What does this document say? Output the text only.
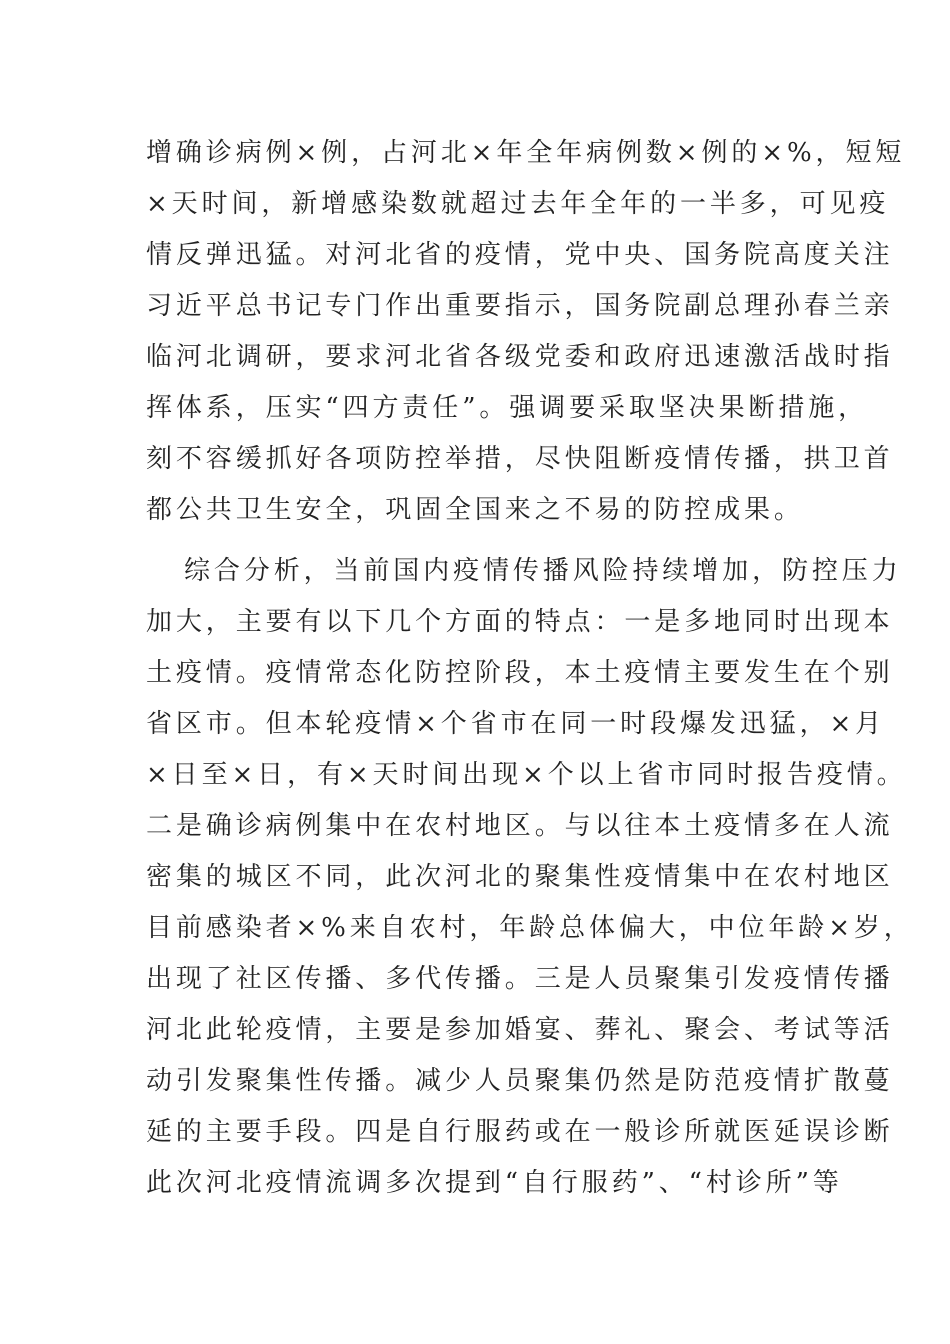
增确诊病例×例，占河北×年全年病例数×例的×%，短短
×天时间，新增感染数就超过去年全年的一半多，可见疫
情反弹迅猛。对河北省的疫情，党中央、国务院高度关注
习近平总书记专门作出重要指示，国务院副总理孙春兰亲
临河北调研，要求河北省各级党委和政府迅速激活战时指
挥体系，压实“四方责任”。强调要采取坚决果断措施，
刻不容缓抓好各项防控举措，尽快阻断疫情传播，拱卫首
都公共卫生安全，巩固全国来之不易的防控成果。

综合分析，当前国内疫情传播风险持续增加，防控压力
加大，主要有以下几个方面的特点：一是多地同时出现本
土疫情。疫情常态化防控阶段，本土疫情主要发生在个别
省区市。但本轮疫情×个省市在同一时段爆发迅猛，×月
×日至×日，有×天时间出现×个以上省市同时报告疫情。
二是确诊病例集中在农村地区。与以往本土疫情多在人流
密集的城区不同，此次河北的聚集性疫情集中在农村地区
目前感染者×%来自农村，年龄总体偏大，中位年龄×岁，
出现了社区传播、多代传播。三是人员聚集引发疫情传播
河北此轮疫情，主要是参加婚宴、葬礼、聚会、考试等活
动引发聚集性传播。减少人员聚集仍然是防范疫情扩散蔓
延的主要手段。四是自行服药或在一般诊所就医延误诊断
此次河北疫情流调多次提到“自行服药”、“村诊所”等
